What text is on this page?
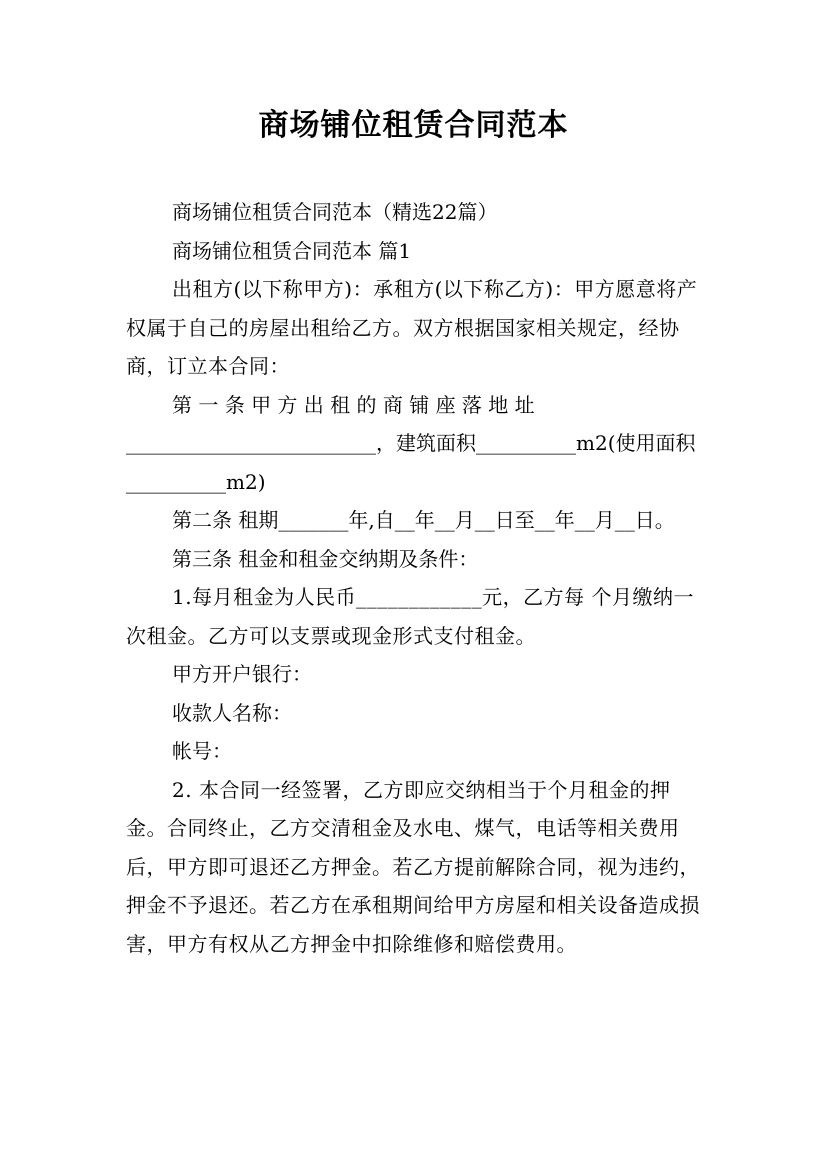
商场铺位租赁合同范本

商场铺位租赁合同范本（精选22篇）

商场铺位租赁合同范本 篇1

出租方(以下称甲方)：承租方(以下称乙方)：甲方愿意将产权属于自己的房屋出租给乙方。双方根据国家相关规定，经协商，订立本合同：

第 一 条 甲 方 出 租 的 商 铺 座 落 地 址 _________________________，建筑面积__________m2(使用面积__________m2)

第二条 租期_______年,自__年__月__日至__年__月__日。

第三条 租金和租金交纳期及条件：

1.每月租金为人民币____________元，乙方每 个月缴纳一次租金。乙方可以支票或现金形式支付租金。

甲方开户银行：

收款人名称：

帐号：

2. 本合同一经签署，乙方即应交纳相当于个月租金的押金。合同终止，乙方交清租金及水电、煤气，电话等相关费用后，甲方即可退还乙方押金。若乙方提前解除合同，视为违约，押金不予退还。若乙方在承租期间给甲方房屋和相关设备造成损害，甲方有权从乙方押金中扣除维修和赔偿费用。
